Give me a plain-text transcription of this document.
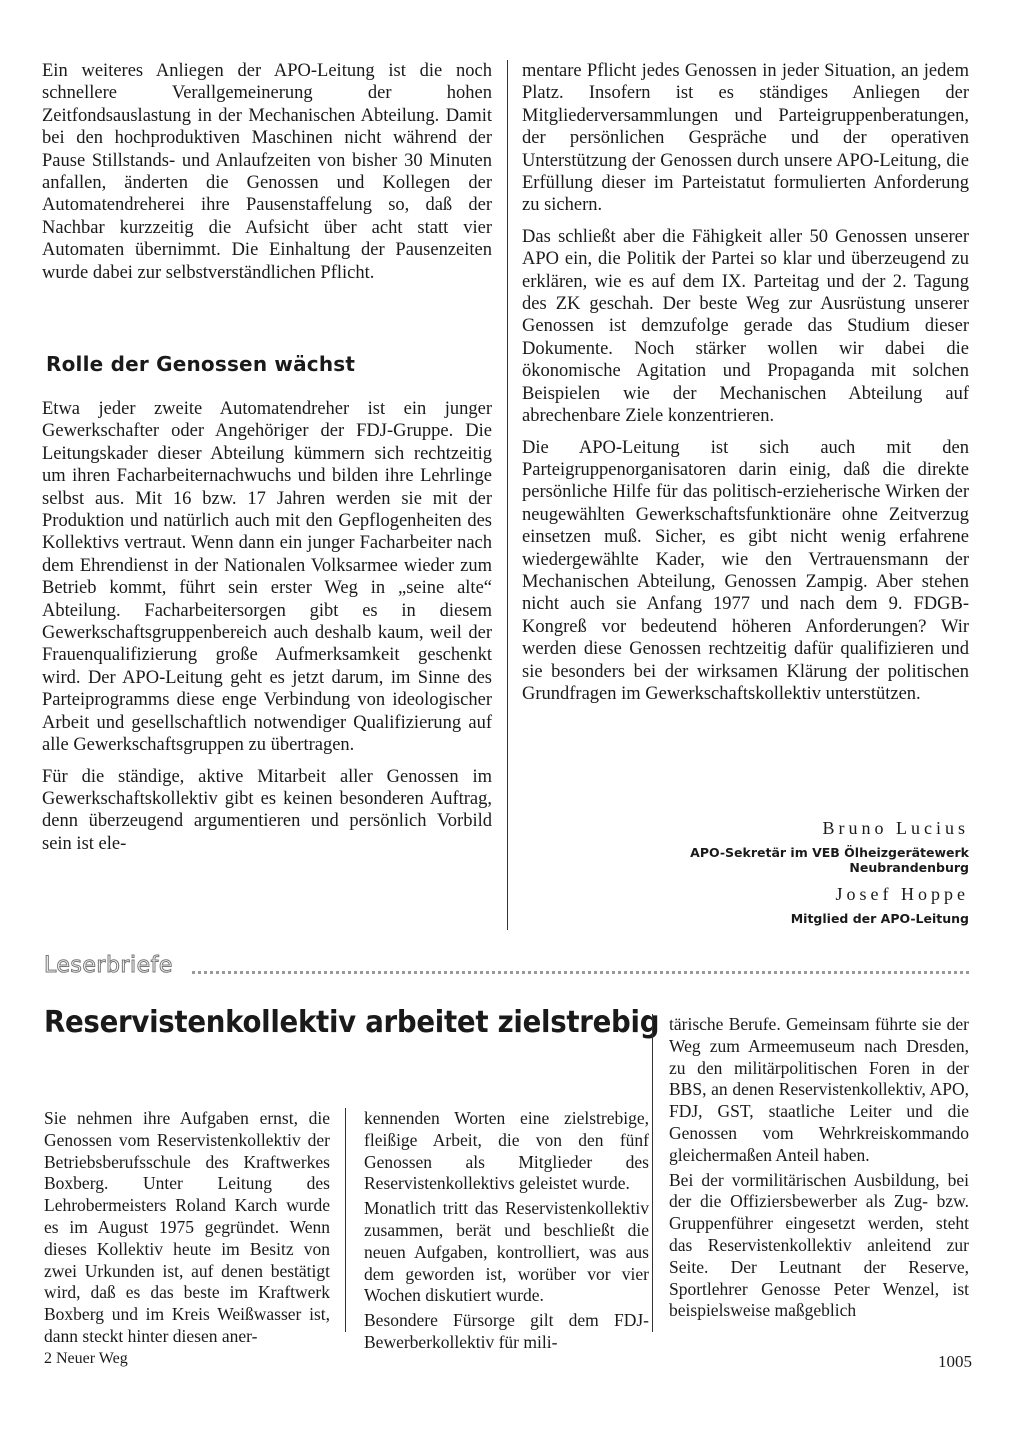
Ein weiteres Anliegen der APO-Leitung ist die noch schnellere Verallgemeinerung der hohen Zeitfondsauslastung in der Mechanischen Abteilung. Damit bei den hochproduktiven Maschinen nicht während der Pause Stillstands- und Anlaufzeiten von bisher 30 Minuten anfallen, änderten die Genossen und Kollegen der Automatendreherei ihre Pausenstaffelung so, daß der Nachbar kurzzeitig die Aufsicht über acht statt vier Automaten übernimmt. Die Einhaltung der Pausenzeiten wurde dabei zur selbstverständlichen Pflicht.

Rolle der Genossen wächst

Etwa jeder zweite Automatendreher ist ein junger Gewerkschafter oder Angehöriger der FDJ-Gruppe. Die Leitungskader dieser Abteilung kümmern sich rechtzeitig um ihren Facharbeiternachwuchs und bilden ihre Lehrlinge selbst aus. Mit 16 bzw. 17 Jahren werden sie mit der Produktion und natürlich auch mit den Gepflogenheiten des Kollektivs vertraut. Wenn dann ein junger Facharbeiter nach dem Ehrendienst in der Nationalen Volksarmee wieder zum Betrieb kommt, führt sein erster Weg in „seine alte“ Abteilung. Facharbeitersorgen gibt es in diesem Gewerkschaftsgruppenbereich auch deshalb kaum, weil der Frauenqualifizierung große Aufmerksamkeit geschenkt wird. Der APO-Leitung geht es jetzt darum, im Sinne des Parteiprogramms diese enge Verbindung von ideologischer Arbeit und gesellschaftlich notwendiger Qualifizierung auf alle Gewerkschaftsgruppen zu übertragen.

Für die ständige, aktive Mitarbeit aller Genossen im Gewerkschaftskollektiv gibt es keinen besonderen Auftrag, denn überzeugend argumentieren und persönlich Vorbild sein ist ele-

mentare Pflicht jedes Genossen in jeder Situation, an jedem Platz. Insofern ist es ständiges Anliegen der Mitgliederversammlungen und Parteigruppenberatungen, der persönlichen Gespräche und der operativen Unterstützung der Genossen durch unsere APO-Leitung, die Erfüllung dieser im Parteistatut formulierten Anforderung zu sichern.

Das schließt aber die Fähigkeit aller 50 Genossen unserer APO ein, die Politik der Partei so klar und überzeugend zu erklären, wie es auf dem IX. Parteitag und der 2. Tagung des ZK geschah. Der beste Weg zur Ausrüstung unserer Genossen ist demzufolge gerade das Studium dieser Dokumente. Noch stärker wollen wir dabei die ökonomische Agitation und Propaganda mit solchen Beispielen wie der Mechanischen Abteilung auf abrechenbare Ziele konzentrieren.

Die APO-Leitung ist sich auch mit den Parteigruppenorganisatoren darin einig, daß die direkte persönliche Hilfe für das politisch-erzieherische Wirken der neugewählten Gewerkschaftsfunktionäre ohne Zeitverzug einsetzen muß. Sicher, es gibt nicht wenig erfahrene wiedergewählte Kader, wie den Vertrauensmann der Mechanischen Abteilung, Genossen Zampig. Aber stehen nicht auch sie Anfang 1977 und nach dem 9. FDGB-Kongreß vor bedeutend höheren Anforderungen? Wir werden diese Genossen rechtzeitig dafür qualifizieren und sie besonders bei der wirksamen Klärung der politischen Grundfragen im Gewerkschaftskollektiv unterstützen.

Bruno Lucius
APO-Sekretär im VEB Ölheizgerätewerk
Neubrandenburg
Josef Hoppe
Mitglied der APO-Leitung
Leserbriefe
Reservistenkollektiv arbeitet zielstrebig

Sie nehmen ihre Aufgaben ernst, die Genossen vom Reservistenkollektiv der Betriebsberufsschule des Kraftwerkes Boxberg. Unter Leitung des Lehrobermeisters Roland Karch wurde es im August 1975 gegründet. Wenn dieses Kollektiv heute im Besitz von zwei Urkunden ist, auf denen bestätigt wird, daß es das beste im Kraftwerk Boxberg und im Kreis Weißwasser ist, dann steckt hinter diesen aner-

kennenden Worten eine zielstrebige, fleißige Arbeit, die von den fünf Genossen als Mitglieder des Reservistenkollektivs geleistet wurde.

Monatlich tritt das Reservistenkollektiv zusammen, berät und beschließt die neuen Aufgaben, kontrolliert, was aus dem geworden ist, worüber vor vier Wochen diskutiert wurde.

Besondere Fürsorge gilt dem FDJ-Bewerberkollektiv für mili-

tärische Berufe. Gemeinsam führte sie der Weg zum Armeemuseum nach Dresden, zu den militärpolitischen Foren in der BBS, an denen Reservistenkollektiv, APO, FDJ, GST, staatliche Leiter und die Genossen vom Wehrkreiskommando gleichermaßen Anteil haben.

Bei der vormilitärischen Ausbildung, bei der die Offiziersbewerber als Zug- bzw. Gruppenführer eingesetzt werden, steht das Reservistenkollektiv anleitend zur Seite. Der Leutnant der Reserve, Sportlehrer Genosse Peter Wenzel, ist beispielsweise maßgeblich

2 Neuer Weg	1005
